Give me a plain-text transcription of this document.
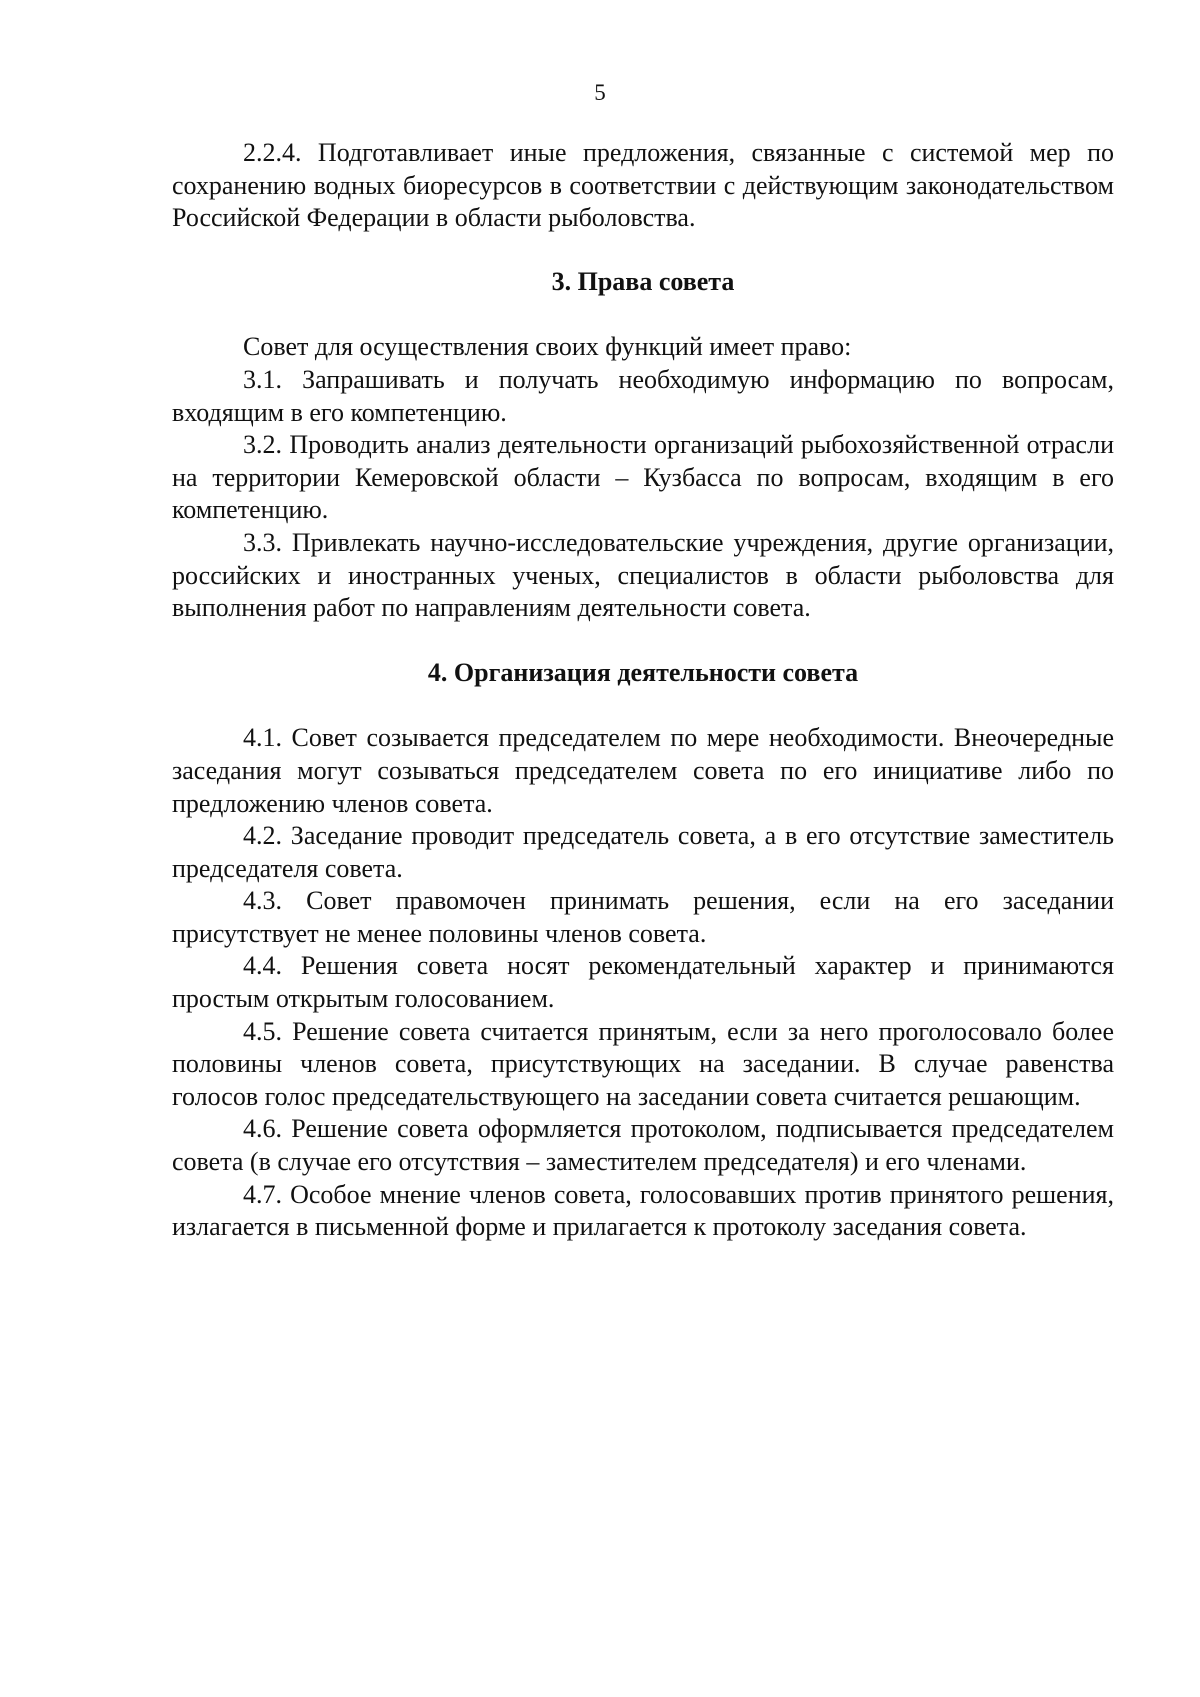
5

2.2.4. Подготавливает иные предложения, связанные с системой мер по сохранению водных биоресурсов в соответствии с действующим законодательством Российской Федерации в области рыболовства.

3. Права совета

Совет для осуществления своих функций имеет право:

3.1. Запрашивать и получать необходимую информацию по вопросам, входящим в его компетенцию.

3.2. Проводить анализ деятельности организаций рыбохозяйственной отрасли на территории Кемеровской области – Кузбасса по вопросам, входящим в его компетенцию.

3.3. Привлекать научно-исследовательские учреждения, другие организации, российских и иностранных ученых, специалистов в области рыболовства для выполнения работ по направлениям деятельности совета.

4. Организация деятельности совета

4.1. Совет созывается председателем по мере необходимости. Внеочередные заседания могут созываться председателем совета по его инициативе либо по предложению членов совета.

4.2. Заседание проводит председатель совета, а в его отсутствие заместитель председателя совета.

4.3. Совет правомочен принимать решения, если на его заседании присутствует не менее половины членов совета.

4.4. Решения совета носят рекомендательный характер и принимаются простым открытым голосованием.

4.5. Решение совета считается принятым, если за него проголосовало более половины членов совета, присутствующих на заседании. В случае равенства голосов голос председательствующего на заседании совета считается решающим.

4.6. Решение совета оформляется протоколом, подписывается председателем совета (в случае его отсутствия – заместителем председателя) и его членами.

4.7. Особое мнение членов совета, голосовавших против принятого решения, излагается в письменной форме и прилагается к протоколу заседания совета.
